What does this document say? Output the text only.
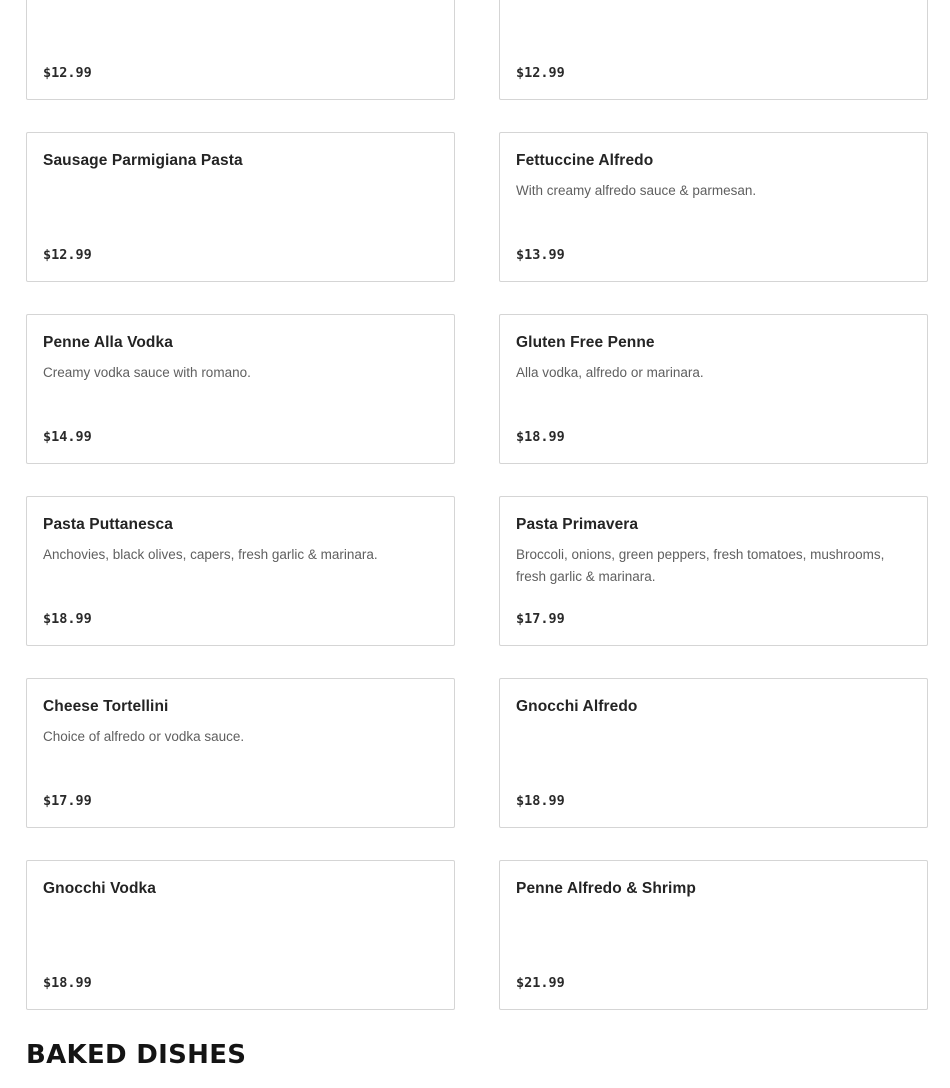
$12.99	$12.99
Sausage Parmigiana Pasta
$12.99
Fettuccine Alfredo
With creamy alfredo sauce & parmesan.
$13.99
Penne Alla Vodka
Creamy vodka sauce with romano.
$14.99
Gluten Free Penne
Alla vodka, alfredo or marinara.
$18.99
Pasta Puttanesca
Anchovies, black olives, capers, fresh garlic & marinara.
$18.99
Pasta Primavera
Broccoli, onions, green peppers, fresh tomatoes, mushrooms, fresh garlic & marinara.
$17.99
Cheese Tortellini
Choice of alfredo or vodka sauce.
$17.99
Gnocchi Alfredo
$18.99
Gnocchi Vodka
$18.99
Penne Alfredo & Shrimp
$21.99
BAKED DISHES
